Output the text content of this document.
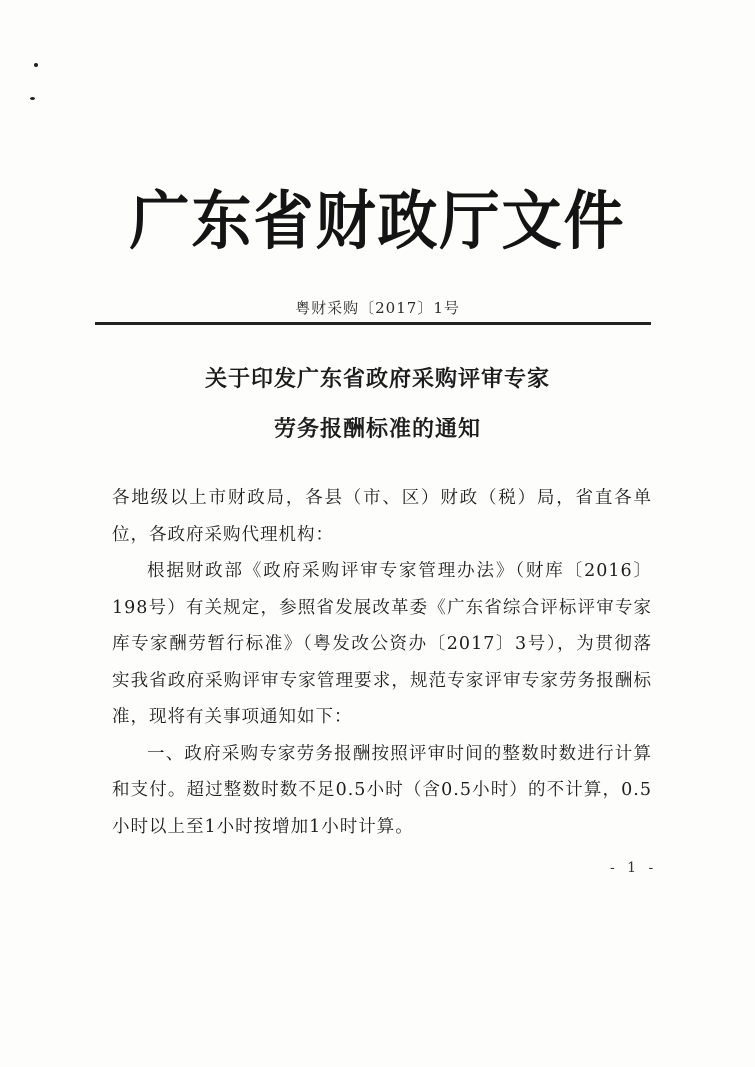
广东省财政厅文件
粤财采购〔2017〕1号
关于印发广东省政府采购评审专家
劳务报酬标准的通知

各地级以上市财政局，各县（市、区）财政（税）局，省直各单位，各政府采购代理机构：

根据财政部《政府采购评审专家管理办法》（财库〔2016〕198号）有关规定，参照省发展改革委《广东省综合评标评审专家库专家酬劳暂行标准》（粤发改公资办〔2017〕3号），为贯彻落实我省政府采购评审专家管理要求，规范专家评审专家劳务报酬标准，现将有关事项通知如下：

一、政府采购专家劳务报酬按照评审时间的整数时数进行计算和支付。超过整数时数不足0.5小时（含0.5小时）的不计算，0.5小时以上至1小时按增加1小时计算。

- 1 -
